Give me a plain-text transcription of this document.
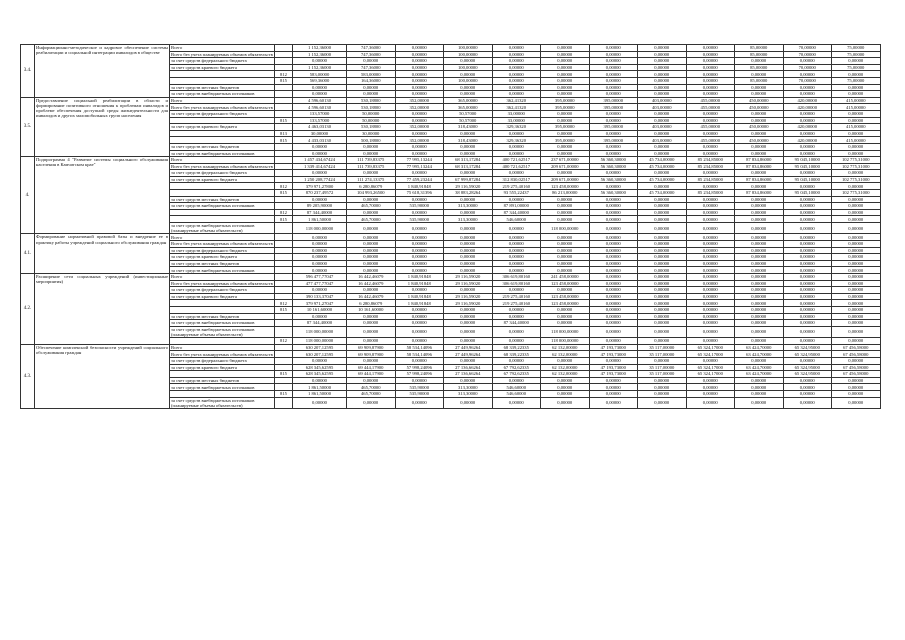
3.4.	Информационно-методическое и кадровое обеспечение системы реабилитации и социальной интеграции инвалидов в обществе	Всего		1 152,36000	747,36000	0,00000	100,00000	0,00000	0,00000	0,00000	0,00000	0,00000	85,00000	70,00000	75,00000
		Всего без учета планируемых объемов обязательств		1 152,36000	747,36000	0,00000	100,00000	0,00000	0,00000	0,00000	0,00000	0,00000	85,00000	70,00000	75,00000
		за счет средств федерального бюджета		0,00000	0,00000	0,00000	0,00000	0,00000	0,00000	0,00000	0,00000	0,00000	0,00000	0,00000	0,00000
		за счет средств краевого бюджета		1 152,36000	747,36000	0,00000	100,00000	0,00000	0,00000	0,00000	0,00000	0,00000	85,00000	70,00000	75,00000
			812	583,00000	583,00000	0,00000	0,00000	0,00000	0,00000	0,00000	0,00000	0,00000	0,00000	0,00000	0,00000
			815	569,36000	164,36000	0,00000	100,00000	0,00000	0,00000	0,00000	0,00000	0,00000	85,00000	70,00000	75,00000
		за счет средств местных бюджетов		0,00000	0,00000	0,00000	0,00000	0,00000	0,00000	0,00000	0,00000	0,00000	0,00000	0,00000	0,00000
		за счет средств внебюджетных источников		0,00000	0,00000	0,00000	0,00000	0,00000	0,00000	0,00000	0,00000	0,00000	0,00000	0,00000	0,00000
3.5.	Предоставление социальной реабилитации в области и формирование позитивного отношения к проблемам инвалидов и проблеме обеспечения доступной среды жизнедеятельности для инвалидов и других маломобильных групп населения	Всего		4 596,60130	530,18800	352,00000	365,00000	362,41320	395,00000	395,00000	403,00000	455,00000	450,00000	420,00000	415,00000
		Всего без учета планируемых объемов обязательств		4 596,60130	530,18800	352,00000	365,00000	362,41320	395,00000	395,00000	403,00000	455,00000	450,00000	420,00000	415,00000
		за счет средств федерального бюджета		133,57000	50,00000	0,00000	50,57000	33,00000	0,00000	0,00000	0,00000	0,00000	0,00000	0,00000	0,00000
			815	133,57000	50,00000	0,00000	50,57000	33,00000	0,00000	0,00000	0,00000	0,00000	0,00000	0,00000	0,00000
		за счет средств краевого бюджета		4 463,03130	530,18800	352,00000	318,43000	329,36320	395,00000	395,00000	403,00000	455,00000	450,00000	420,00000	415,00000
			813	30,00000	30,00000	0,00000	0,00000	0,00000	0,00000	0,00000	0,00000	0,00000	0,00000	0,00000	0,00000
			815	4 433,03130	500,18800	352,00000	318,43000	329,36320	395,00000	395,00000	403,00000	455,00000	450,00000	420,00000	415,00000
		за счет средств местных бюджетов		0,00000	0,00000	0,00000	0,00000	0,00000	0,00000	0,00000	0,00000	0,00000	0,00000	0,00000	0,00000
		за счет средств внебюджетных источников		0,00000	0,00000	0,00000	0,00000	0,00000	0,00000	0,00000	0,00000	0,00000	0,00000	0,00000	0,00000
4.	Подпрограмма 4 "Развитие системы социального обслуживания населения в Камчатском крае"	Всего		1 457 434,67424	111 739,83375	77 995,13244	68 313,17284	400 721,62517	237 671,00000	56 360,30000	45 734,00000	85 234,85000	87 834,86000	95 045,10000	102 775,31000
		Всего без учета планируемых объемов обязательств		1 339 414,67424	111 739,83375	77 995,13244	68 313,17284	400 721,62517	209 671,00000	56 360,30000	45 734,00000	85 234,85000	87 834,86000	95 045,10000	102 775,31000
		за счет средств федерального бюджета		0,00000	0,00000	0,00000	0,00000	0,00000	0,00000	0,00000	0,00000	0,00000	0,00000	0,00000	0,00000
		за счет средств краевого бюджета		1 250 208,77424	111 274,13375	77 459,23244	67 999,87284	312 830,02517	209 671,00000	56 360,30000	45 734,00000	85 234,85000	87 834,86000	95 045,10000	102 775,31000
			812	379 971,27800	6 280,86079	1 840,91848	29 116,59020	219 275,40160	123 458,00000	0,00000	0,00000	0,00000	0,00000	0,00000	0,00000
			815	870 237,49572	104 993,26500	75 618,31396	38 883,28264	93 555,22437	86 213,00000	56 360,30000	45 734,00000	85 234,85000	87 834,86000	95 045,10000	102 775,31000
		за счет средств местных бюджетов		0,00000	0,00000	0,00000	0,00000	0,00000	0,00000	0,00000	0,00000	0,00000	0,00000	0,00000	0,00000
		за счет средств внебюджетных источников		89 205,90000	465,70000	535,90000	313,30000	87 891,00000	0,00000	0,00000	0,00000	0,00000	0,00000	0,00000	0,00000
			812	87 344,40000	0,00000	0,00000	0,00000	87 344,40000	0,00000	0,00000	0,00000	0,00000	0,00000	0,00000	0,00000
			815	1 861,50000	465,70000	535,90000	313,30000	546,60000	0,00000	0,00000	0,00000	0,00000	0,00000	0,00000	0,00000
		за счет средств внебюджетных источников (планируемые объемы обязательств)		118 000,00000	0,00000	0,00000	0,00000	0,00000	118 000,00000	0,00000	0,00000	0,00000	0,00000	0,00000	0,00000
4.1.	Формирование нормативной правовой базы и внедрение ее в практику работы учреждений социального обслуживания граждан	Всего		0,00000	0,00000	0,00000	0,00000	0,00000	0,00000	0,00000	0,00000	0,00000	0,00000	0,00000	0,00000
		Всего без учета планируемых объемов обязательств		0,00000	0,00000	0,00000	0,00000	0,00000	0,00000	0,00000	0,00000	0,00000	0,00000	0,00000	0,00000
		за счет средств федерального бюджета		0,00000	0,00000	0,00000	0,00000	0,00000	0,00000	0,00000	0,00000	0,00000	0,00000	0,00000	0,00000
		за счет средств краевого бюджета		0,00000	0,00000	0,00000	0,00000	0,00000	0,00000	0,00000	0,00000	0,00000	0,00000	0,00000	0,00000
		за счет средств местных бюджетов		0,00000	0,00000	0,00000	0,00000	0,00000	0,00000	0,00000	0,00000	0,00000	0,00000	0,00000	0,00000
		за счет средств внебюджетных источников		0,00000	0,00000	0,00000	0,00000	0,00000	0,00000	0,00000	0,00000	0,00000	0,00000	0,00000	0,00000
4.2.	Расширение сети социальных учреждений (инвестиционные мероприятия)	Всего		596 477,77047	16 442,46079	1 840,91848	29 116,59020	306 619,80160	241 458,00000	0,00000	0,00000	0,00000	0,00000	0,00000	0,00000
		Всего без учета планируемых объемов обязательств		477 477,77047	16 442,46079	1 840,91848	29 116,59020	306 619,80160	123 458,00000	0,00000	0,00000	0,00000	0,00000	0,00000	0,00000
		за счет средств федерального бюджета		0,00000	0,00000	0,00000	0,00000	0,00000	0,00000	0,00000	0,00000	0,00000	0,00000	0,00000	0,00000
		за счет средств краевого бюджета		390 133,37047	16 442,46079	1 840,91848	29 116,59020	219 275,40160	123 458,00000	0,00000	0,00000	0,00000	0,00000	0,00000	0,00000
			812	379 971,27047	6 280,86079	1 840,91848	29 116,59020	219 275,40160	123 458,00000	0,00000	0,00000	0,00000	0,00000	0,00000	0,00000
			815	10 161,60000	10 161,60000	0,00000	0,00000	0,00000	0,00000	0,00000	0,00000	0,00000	0,00000	0,00000	0,00000
		за счет средств местных бюджетов		0,00000	0,00000	0,00000	0,00000	0,00000	0,00000	0,00000	0,00000	0,00000	0,00000	0,00000	0,00000
		за счет средств внебюджетных источников		87 344,40000	0,00000	0,00000	0,00000	87 344,40000	0,00000	0,00000	0,00000	0,00000	0,00000	0,00000	0,00000
		за счет средств внебюджетных источников (планируемые объемы обязательств)		118 000,00000	0,00000	0,00000	0,00000	0,00000	118 000,00000	0,00000	0,00000	0,00000	0,00000	0,00000	0,00000
			812	118 000,00000	0,00000	0,00000	0,00000	0,00000	118 000,00000	0,00000	0,00000	0,00000	0,00000	0,00000	0,00000
4.3.	Обеспечение комплексной безопасности учреждений социального обслуживания граждан	Всего		630 207,12595	69 909,87900	58 534,14096	27 449,96264	68 339,22335	62 132,00000	47 193,73000	35 117,00000	65 324,17000	63 424,70000	65 324,95000	67 456,58000
		Всего без учета планируемых объемов обязательств		630 207,12595	69 909,87900	58 534,14096	27 449,96264	68 339,22335	62 132,00000	47 193,73000	35 117,00000	65 324,17000	63 424,70000	65 324,95000	67 456,58000
		за счет средств федерального бюджета		0,00000	0,00000	0,00000	0,00000	0,00000	0,00000	0,00000	0,00000	0,00000	0,00000	0,00000	0,00000
		за счет средств краевого бюджета		628 345,62595	69 444,17900	57 998,24096	27 136,66264	67 792,62335	62 132,00000	47 193,73000	35 117,00000	65 324,17000	63 424,70000	65 324,95000	67 456,58000
			815	628 345,62595	69 444,17900	57 998,24096	27 136,66264	67 792,62335	62 132,00000	47 193,73000	35 117,00000	65 324,17000	63 424,70000	65 324,95000	67 456,58000
		за счет средств местных бюджетов		0,00000	0,00000	0,00000	0,00000	0,00000	0,00000	0,00000	0,00000	0,00000	0,00000	0,00000	0,00000
		за счет средств внебюджетных источников		1 861,50000	465,70000	535,90000	313,30000	546,60000	0,00000	0,00000	0,00000	0,00000	0,00000	0,00000	0,00000
			815	1 861,50000	465,70000	535,90000	313,30000	546,60000	0,00000	0,00000	0,00000	0,00000	0,00000	0,00000	0,00000
		за счет средств внебюджетных источников (планируемые объемы обязательств)		0,00000	0,00000	0,00000	0,00000	0,00000	0,00000	0,00000	0,00000	0,00000	0,00000	0,00000	0,00000
